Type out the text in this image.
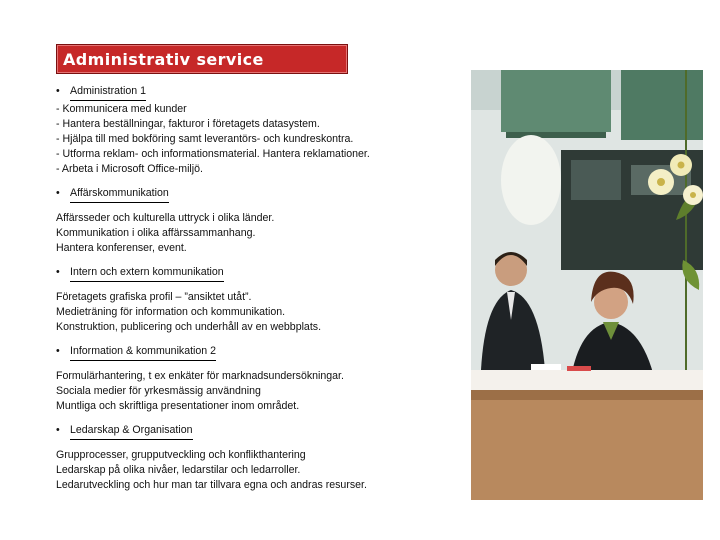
Administrativ service
• Administration 1
- Kommunicera med kunder
- Hantera beställningar, fakturor i företagets datasystem.
- Hjälpa till med bokföring samt leverantörs- och kundreskontra.
- Utforma reklam- och informationsmaterial. Hantera reklamationer.
- Arbeta i Microsoft Office-miljö.
• Affärskommunikation
Affärsseder och kulturella uttryck i olika länder.
Kommunikation i olika affärssammanhang.
Hantera konferenser, event.
• Intern och extern kommunikation
Företagets grafiska profil – ”ansiktet utåt”.
Medieträning för information och kommunikation.
Konstruktion, publicering och underhåll av en webbplats.
• Information & kommunikation 2
Formulärhantering, t ex enkäter för marknadsundersökningar.
Sociala medier för yrkesmässig användning
Muntliga och skriftliga presentationer inom området.
• Ledarskap & Organisation
Grupprocesser, grupputveckling och konflikthantering
Ledarskap på olika nivåer, ledarstilar och ledarroller.
Ledarutveckling och hur man tar tillvara egna och andras resurser.
